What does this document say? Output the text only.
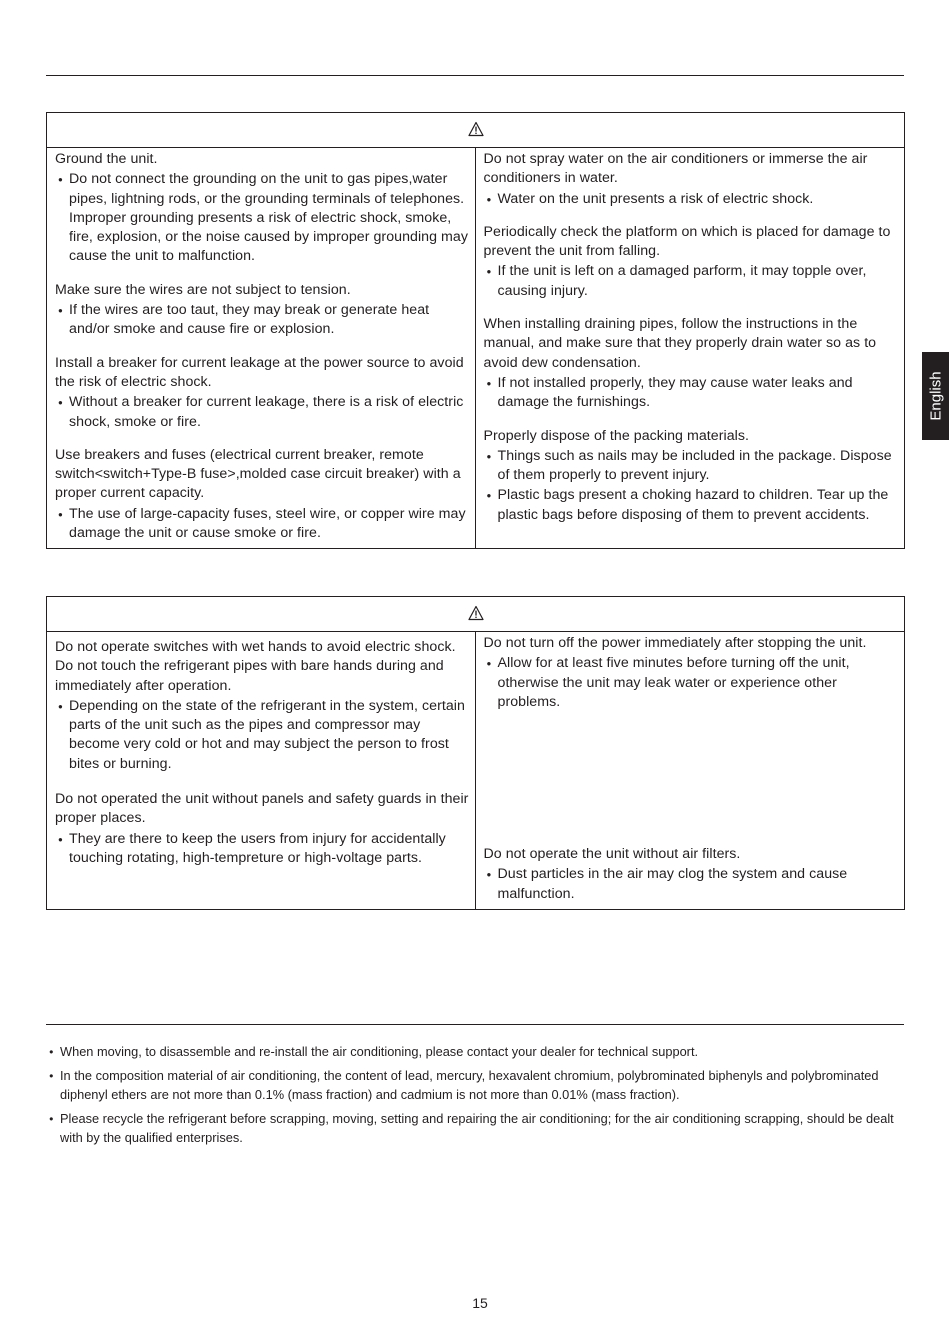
Ground the unit.
● Do not connect the grounding on the unit to gas pipes,water pipes, lightning rods, or the grounding terminals of telephones. Improper grounding presents a risk of electric shock, smoke, fire, explosion, or the noise caused by improper grounding may cause the unit to malfunction.
Make sure the wires are not subject to tension.
● If the wires are too taut, they may break or generate heat and/or smoke and cause fire or explosion.
Install a breaker for current leakage at the power source to avoid the risk of electric shock.
● Without a breaker for current leakage, there is a risk of electric shock, smoke or fire.
Use breakers and fuses (electrical current breaker, remote switch<switch+Type-B fuse>,molded case circuit breaker) with a proper current capacity.
● The use of large-capacity fuses, steel wire, or copper wire may damage the unit or cause smoke or fire.
Do not spray water on the air conditioners or immerse the air conditioners in water.
● Water on the unit presents a risk of electric shock.
Periodically check the platform on which is placed for damage to prevent the unit from falling.
● If the unit is left on a damaged parform, it may topple over, causing injury.
When installing draining pipes, follow the instructions in the manual, and make sure that they properly drain water so as to avoid dew condensation.
● If not installed properly, they may cause water leaks and damage the furnishings.
Properly dispose of the packing materials.
● Things such as nails may be included in the package. Dispose of them properly to prevent injury.
● Plastic bags present a choking hazard to children. Tear up the plastic bags before disposing of them to prevent accidents.
Do not operate switches with wet hands to avoid electric shock.
Do not touch the refrigerant pipes with bare hands during and immediately after operation.
● Depending on the state of the refrigerant in the system, certain parts of the unit such as the pipes and compressor may become very cold or hot and may subject the person to frost bites or burning.
Do not operated the unit without panels and safety guards in their proper places.
● They are there to keep the users from injury for accidentally touching rotating, high-tempreture or high-voltage parts.
Do not turn off the power immediately after stopping the unit.
● Allow for at least five minutes before turning off the unit, otherwise the unit may leak water or experience other problems.
Do not operate the unit without air filters.
● Dust particles in the air may clog the system and cause malfunction.
English
● When moving, to disassemble and re-install the air conditioning, please contact your dealer for technical support.
● In the composition material of air conditioning, the content of lead, mercury, hexavalent chromium, polybrominated biphenyls and polybrominated diphenyl ethers are not more than 0.1% (mass fraction) and cadmium is not more than 0.01% (mass fraction).
● Please recycle the refrigerant before scrapping, moving, setting and repairing the air conditioning; for the air conditioning scrapping, should be dealt with by the qualified enterprises.
15
